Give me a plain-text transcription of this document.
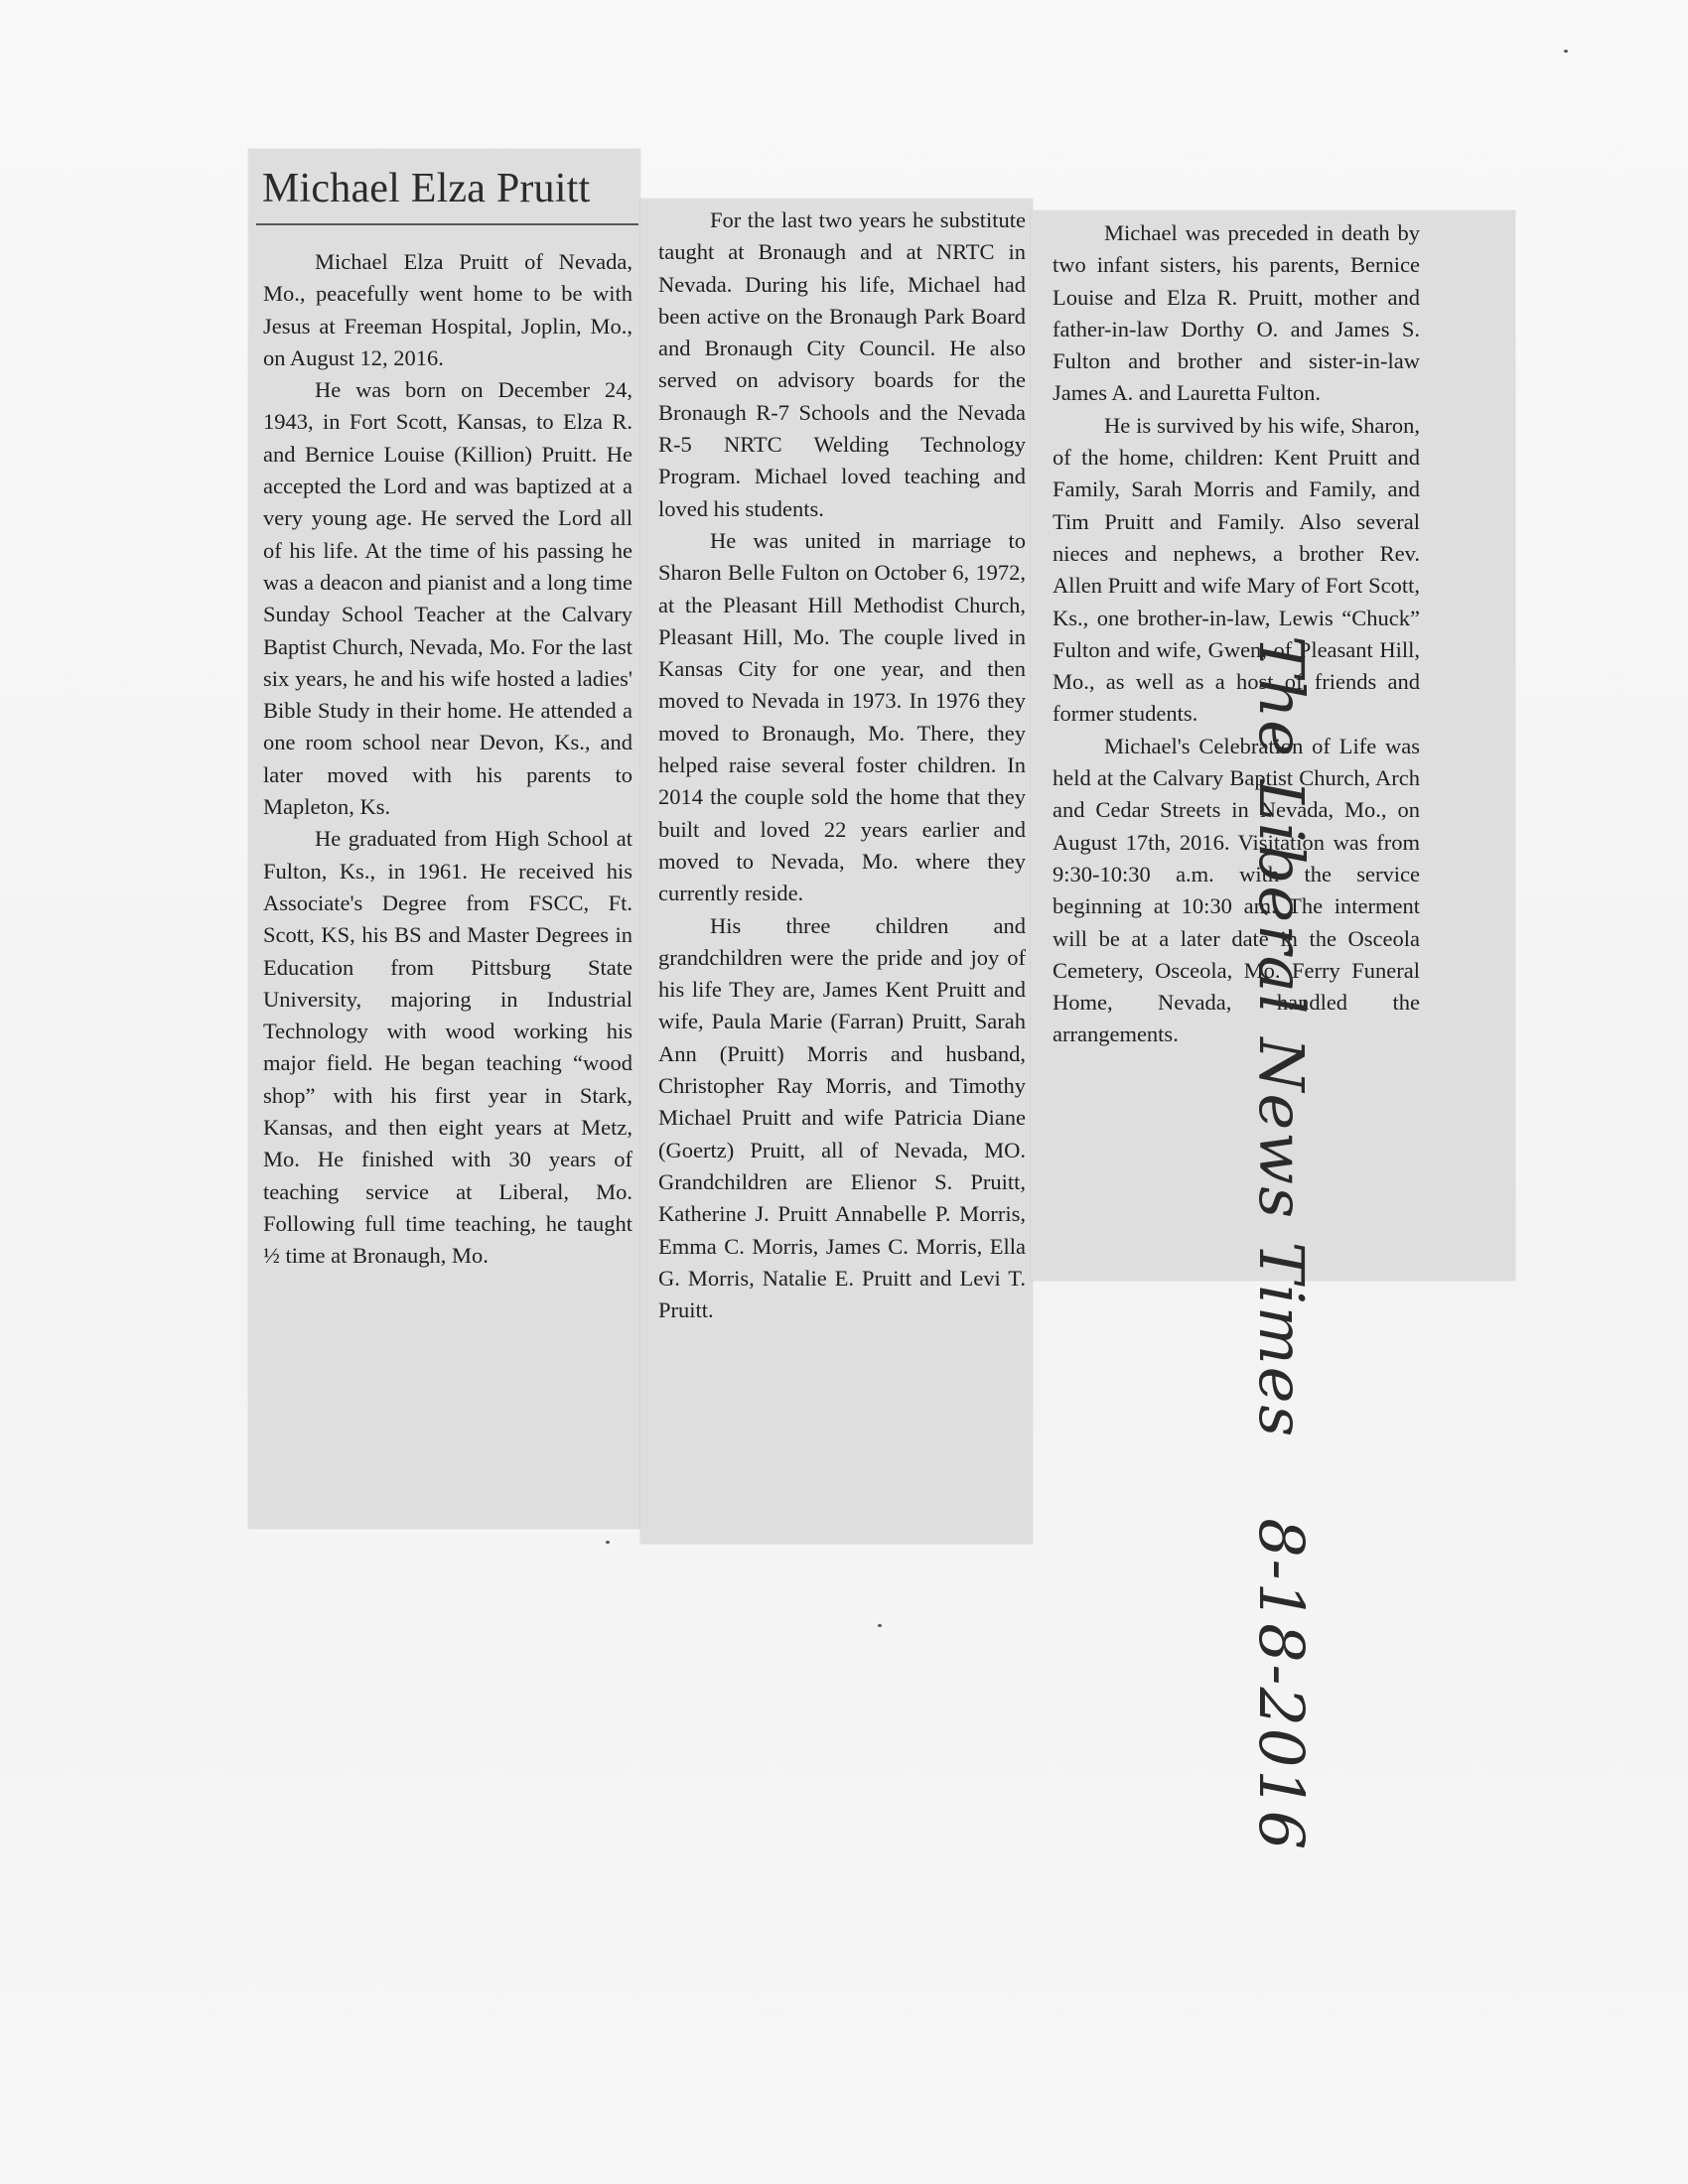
Michael Elza Pruitt

Michael Elza Pruitt of Nevada, Mo., peacefully went home to be with Jesus at Freeman Hospital, Joplin, Mo., on August 12, 2016.

He was born on December 24, 1943, in Fort Scott, Kansas, to Elza R. and Bernice Louise (Killion) Pruitt. He accepted the Lord and was baptized at a very young age. He served the Lord all of his life. At the time of his passing he was a deacon and pianist and a long time Sunday School Teacher at the Calvary Baptist Church, Nevada, Mo. For the last six years, he and his wife hosted a ladies' Bible Study in their home. He attended a one room school near Devon, Ks., and later moved with his parents to Mapleton, Ks.

He graduated from High School at Fulton, Ks., in 1961. He received his Associate's Degree from FSCC, Ft. Scott, KS, his BS and Master Degrees in Education from Pittsburg State University, majoring in Industrial Technology with wood working his major field. He began teaching “wood shop” with his first year in Stark, Kansas, and then eight years at Metz, Mo. He finished with 30 years of teaching service at Liberal, Mo. Following full time teaching, he taught ½ time at Bronaugh, Mo.

For the last two years he substitute taught at Bronaugh and at NRTC in Nevada. During his life, Michael had been active on the Bronaugh Park Board and Bronaugh City Council. He also served on advisory boards for the Bronaugh R-7 Schools and the Nevada R-5 NRTC Welding Technology Program. Michael loved teaching and loved his students.

He was united in marriage to Sharon Belle Fulton on October 6, 1972, at the Pleasant Hill Methodist Church, Pleasant Hill, Mo. The couple lived in Kansas City for one year, and then moved to Nevada in 1973. In 1976 they moved to Bronaugh, Mo. There, they helped raise several foster children. In 2014 the couple sold the home that they built and loved 22 years earlier and moved to Nevada, Mo. where they currently reside.

His three children and grandchildren were the pride and joy of his life They are, James Kent Pruitt and wife, Paula Marie (Farran) Pruitt, Sarah Ann (Pruitt) Morris and husband, Christopher Ray Morris, and Timothy Michael Pruitt and wife Patricia Diane (Goertz) Pruitt, all of Nevada, MO. Grandchildren are Elienor S. Pruitt, Katherine J. Pruitt Annabelle P. Morris, Emma C. Morris, James C. Morris, Ella G. Morris, Natalie E. Pruitt and Levi T. Pruitt.

Michael was preceded in death by two infant sisters, his parents, Bernice Louise and Elza R. Pruitt, mother and father-in-law Dorthy O. and James S. Fulton and brother and sister-in-law James A. and Lauretta Fulton.

He is survived by his wife, Sharon, of the home, children: Kent Pruitt and Family, Sarah Morris and Family, and Tim Pruitt and Family. Also several nieces and nephews, a brother Rev. Allen Pruitt and wife Mary of Fort Scott, Ks., one brother-in-law, Lewis “Chuck” Fulton and wife, Gwen, of Pleasant Hill, Mo., as well as a host of friends and former students.

Michael's Celebration of Life was held at the Calvary Baptist Church, Arch and Cedar Streets in Nevada, Mo., on August 17th, 2016. Visitation was from 9:30-10:30 a.m. with the service beginning at 10:30 am. The interment will be at a later date in the Osceola Cemetery, Osceola, Mo. Ferry Funeral Home, Nevada, handled the arrangements.	The Liberal News Times8-18-2016
